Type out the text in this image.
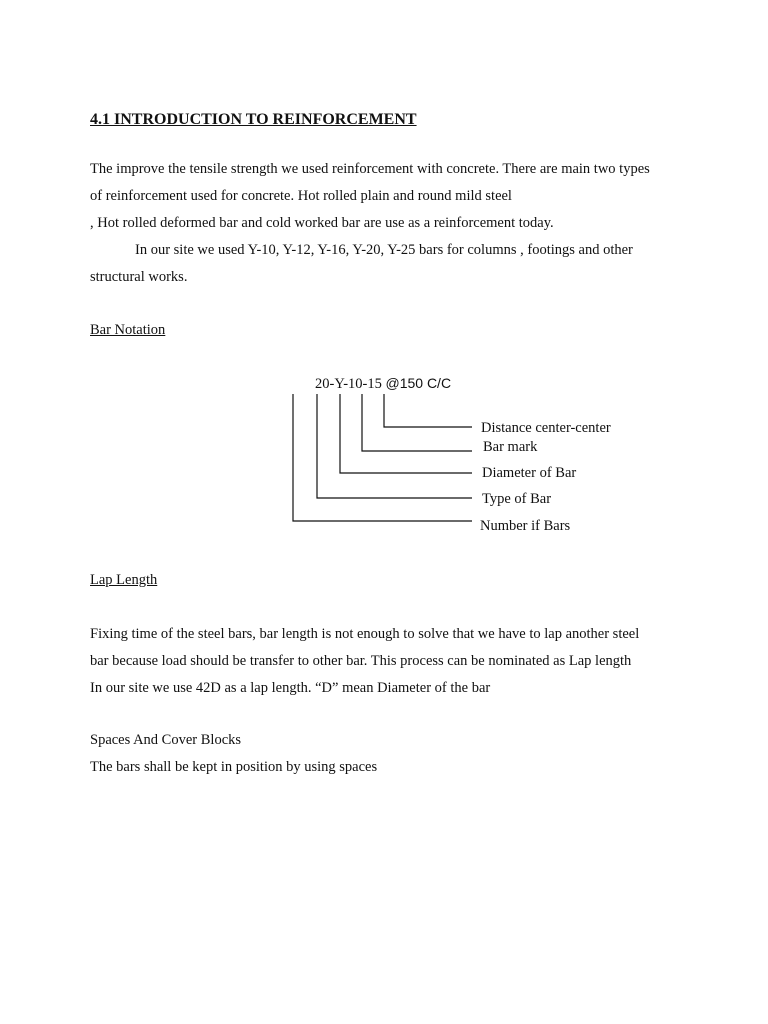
4.1 INTRODUCTION TO REINFORCEMENT
The improve the tensile strength we used reinforcement with concrete. There are main two types
of reinforcement used for concrete. Hot rolled plain and round mild steel
, Hot rolled deformed bar and cold worked bar are use as a reinforcement today.
In our site we used Y-10, Y-12, Y-16, Y-20, Y-25 bars for columns , footings and other
structural works.
Bar Notation
20-Y-10-15 @150 C/C
Distance center-center
Bar mark
Diameter of Bar
Type of Bar
Number if Bars
Lap Length
Fixing time of the steel bars, bar length is not enough to solve that we have to lap another steel
bar because load should be transfer to other bar. This process can be nominated as Lap length
In our site we use 42D as a lap length. “D” mean Diameter of the bar
Spaces And Cover Blocks
The bars shall be kept in position by using spaces
